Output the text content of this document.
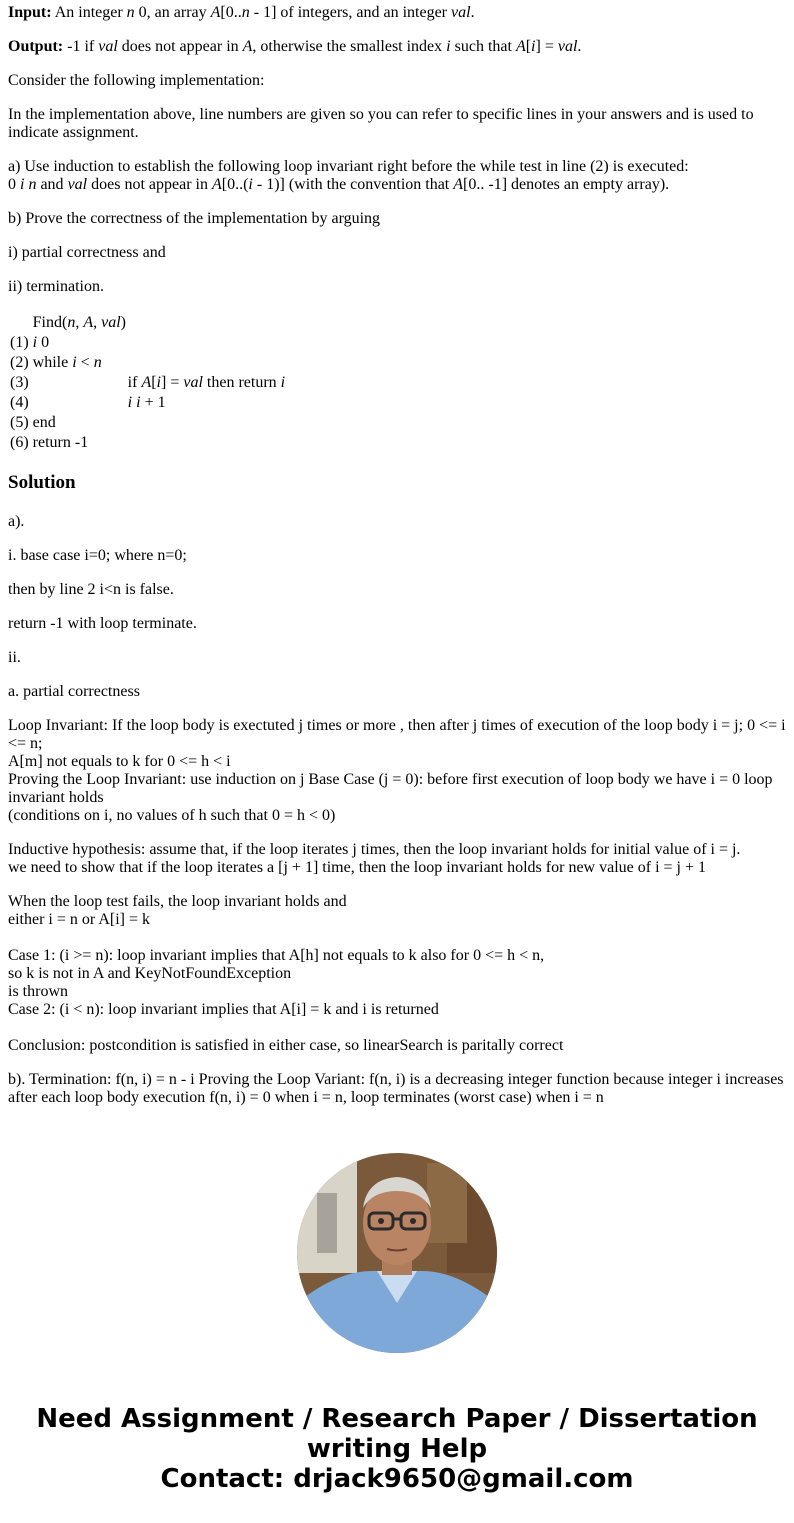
Input: An integer n 0, an array A[0..n - 1] of integers, and an integer val.

Output: -1 if val does not appear in A, otherwise the smallest index i such that A[i] = val.

Consider the following implementation:

In the implementation above, line numbers are given so you can refer to specific lines in your answers and is used to indicate assignment.

a) Use induction to establish the following loop invariant right before the while test in line (2) is executed:
0 i n and val does not appear in A[0..(i - 1)] (with the convention that A[0.. -1] denotes an empty array).

b) Prove the correctness of the implementation by arguing

i) partial correctness and

ii) termination.

	Find(n, A, val)	
(1)	i 0	
(2)	while i < n	
(3)		if A[i] = val then return i
(4)		i i + 1
(5)	end	
(6)	return -1	
Solution

a).

i. base case i=0; where n=0;

then by line 2 i<n is false.

return -1 with loop terminate.

ii.

a. partial correctness

Loop Invariant: If the loop body is exectuted j times or more , then after j times of execution of the loop body i = j; 0 <= i <= n;
A[m] not equals to k for 0 <= h < i
Proving the Loop Invariant: use induction on j Base Case (j = 0): before first execution of loop body we have i = 0 loop invariant holds
(conditions on i, no values of h such that 0 = h < 0)

Inductive hypothesis: assume that, if the loop iterates j times, then the loop invariant holds for initial value of i = j.
we need to show that if the loop iterates a [j + 1] time, then the loop invariant holds for new value of i = j + 1

When the loop test fails, the loop invariant holds and
either i = n or A[i] = k

Case 1: (i >= n): loop invariant implies that A[h] not equals to k also for 0 <= h < n,
so k is not in A and KeyNotFoundException
is thrown
Case 2: (i < n): loop invariant implies that A[i] = k and i is returned

Conclusion: postcondition is satisfied in either case, so linearSearch is paritally correct

b). Termination: f(n, i) = n - i Proving the Loop Variant: f(n, i) is a decreasing integer function because integer i increases after each loop body execution f(n, i) = 0 when i = n, loop terminates (worst case) when i = n

Need Assignment / Research Paper / Dissertation
writing Help
Contact: drjack9650@gmail.com
